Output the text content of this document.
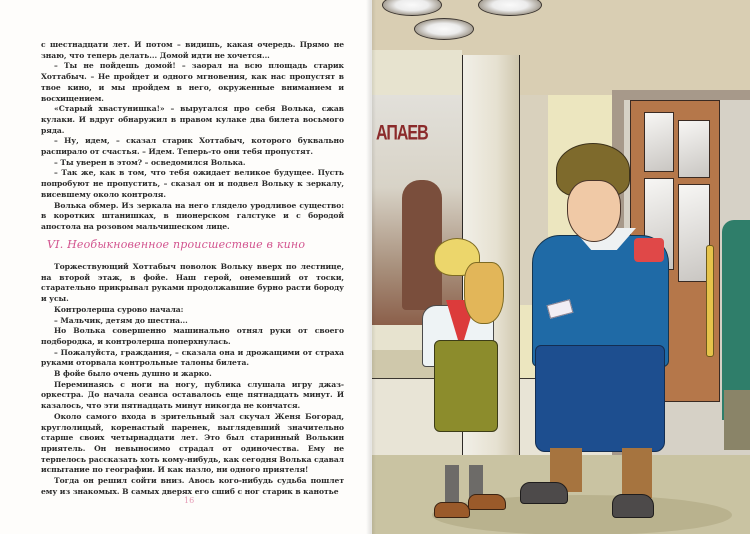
с шестнадцати лет. И потом – видишь, какая очередь. Прямо не знаю, что теперь делать... Домой идти не хочется...

– Ты не пойдешь домой! – заорал на всю площадь старик Хоттабыч. – Не пройдет и одного мгновения, как нас пропустят в твое кино, и мы пройдем в него, окруженные вниманием и восхищением.

«Старый хвастунишка!» – выругался про себя Волька, сжав кулаки. И вдруг обнаружил в правом кулаке два билета восьмого ряда.

– Ну, идем, – сказал старик Хоттабыч, которого буквально распирало от счастья. – Идем. Теперь-то они тебя пропустят.

– Ты уверен в этом? – осведомился Волька.

– Так же, как в том, что тебя ожидает великое будущее. Пусть попробуют не пропустить, – сказал он и подвел Вольку к зеркалу, висевшему около контроля.

Волька обмер. Из зеркала на него глядело уродливое существо: в коротких штанишках, в пионерском галстуке и с бородой апостола на розовом мальчишеском лице.

VI. Необыкновенное происшествие в кино

Торжествующий Хоттабыч поволок Вольку вверх по лестнице, на второй этаж, в фойе. Наш герой, онемевший от тоски, старательно прикрывал руками продолжавшие бурно расти бороду и усы.

Контролерша сурово начала:

– Мальчик, детям до шестна...

Но Волька совершенно машинально отнял руки от своего подбородка, и контролерша поперхнулась.

– Пожалуйста, граждания, – сказала она и дрожащими от страха руками оторвала контрольные талоны билета.

В фойе было очень душно и жарко.

Переминаясь с ноги на ногу, публика слушала игру джаз-оркестра. До начала сеанса оставалось еще пятнадцать минут. И казалось, что эти пятнадцать минут никогда не кончатся.

Около самого входа в зрительный зал скучал Женя Богорад, круглолицый, коренастый паренек, выглядевший значительно старше своих четырнадцати лет. Это был старинный Волькин приятель. Он невыносимо страдал от одиночества. Ему не терпелось рассказать хоть кому-нибудь, как сегодня Волька сдавал испытание по географии. И как назло, ни одного приятеля!

Тогда он решил сойти вниз. Авось кого-нибудь судьба пошлет ему из знакомых. В самых дверях его сшиб с ног старик в канотье

16
АПАЕВ
